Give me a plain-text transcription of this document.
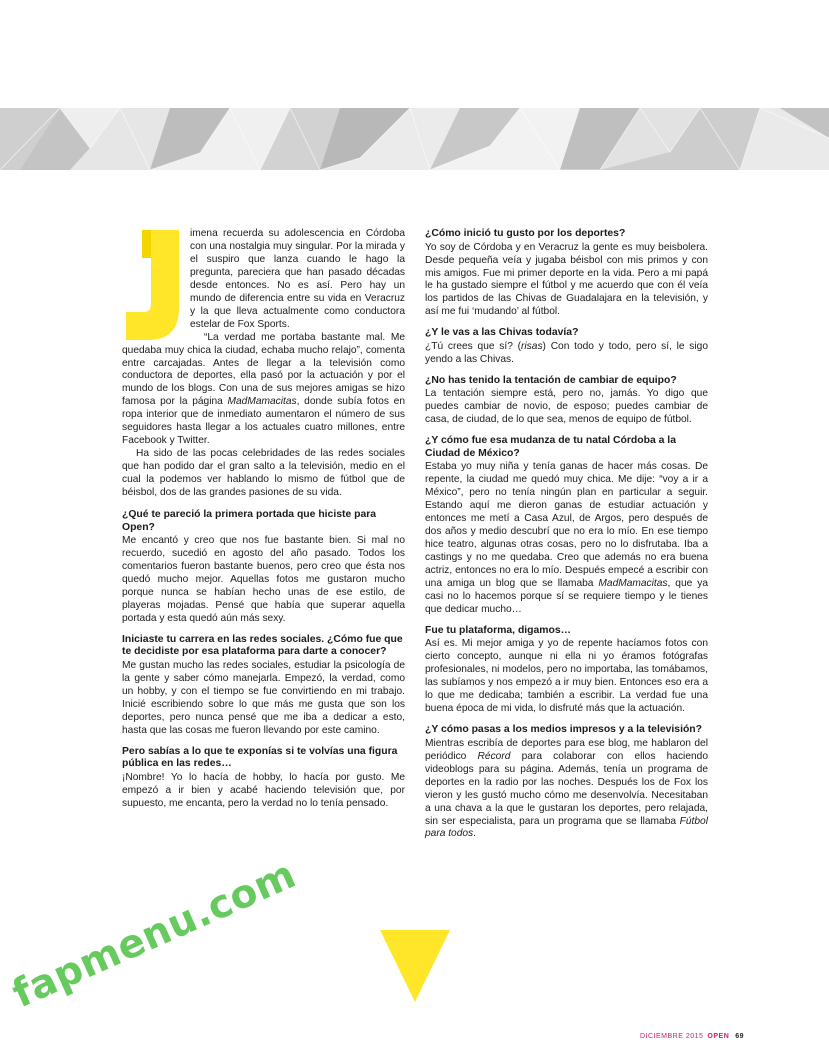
imena recuerda su adolescencia en Córdoba con una nostalgia muy singular. Por la mirada y el suspiro que lanza cuando le hago la pregunta, pareciera que han pasado décadas desde entonces. No es así. Pero hay un mundo de diferencia entre su vida en Veracruz y la que lleva actualmente como conductora estelar de Fox Sports.

“La verdad me portaba bastante mal. Me quedaba muy chica la ciudad, echaba mucho relajo”, comenta entre carcajadas. Antes de llegar a la televisión como conductora de deportes, ella pasó por la actuación y por el mundo de los blogs. Con una de sus mejores amigas se hizo famosa por la página MadMamacitas, donde subía fotos en ropa interior que de inmediato aumentaron el número de sus seguidores hasta llegar a los actuales cuatro millones, entre Facebook y Twitter.

Ha sido de las pocas celebridades de las redes sociales que han podido dar el gran salto a la televisión, medio en el cual la podemos ver hablando lo mismo de fútbol que de béisbol, dos de las grandes pasiones de su vida.

¿Qué te pareció la primera portada que hiciste para Open?

Me encantó y creo que nos fue bastante bien. Si mal no recuerdo, sucedió en agosto del año pasado. Todos los comentarios fueron bastante buenos, pero creo que ésta nos quedó mucho mejor. Aquellas fotos me gustaron mucho porque nunca se habían hecho unas de ese estilo, de playeras mojadas. Pensé que había que superar aquella portada y esta quedó aún más sexy.

Iniciaste tu carrera en las redes sociales. ¿Cómo fue que te decidiste por esa plataforma para darte a conocer?

Me gustan mucho las redes sociales, estudiar la psicología de la gente y saber cómo manejarla. Empezó, la verdad, como un hobby, y con el tiempo se fue convirtiendo en mi trabajo. Inicié escribiendo sobre lo que más me gusta que son los deportes, pero nunca pensé que me iba a dedicar a esto, hasta que las cosas me fueron llevando por este camino.

Pero sabías a lo que te exponías si te volvías una figura pública en las redes…

¡Nombre! Yo lo hacía de hobby, lo hacía por gusto. Me empezó a ir bien y acabé haciendo televisión que, por supuesto, me encanta, pero la verdad no lo tenía pensado.

¿Cómo inició tu gusto por los deportes?

Yo soy de Córdoba y en Veracruz la gente es muy beisbolera. Desde pequeña veía y jugaba béisbol con mis primos y con mis amigos. Fue mi primer deporte en la vida. Pero a mi papá le ha gustado siempre el fútbol y me acuerdo que con él veía los partidos de las Chivas de Guadalajara en la televisión, y así me fui ‘mudando’ al fútbol.

¿Y le vas a las Chivas todavía?

¿Tú crees que sí? (risas) Con todo y todo, pero sí, le sigo yendo a las Chivas.

¿No has tenido la tentación de cambiar de equipo?

La tentación siempre está, pero no, jamás. Yo digo que puedes cambiar de novio, de esposo; puedes cambiar de casa, de ciudad, de lo que sea, menos de equipo de fútbol.

¿Y cómo fue esa mudanza de tu natal Córdoba a la Ciudad de México?

Estaba yo muy niña y tenía ganas de hacer más cosas. De repente, la ciudad me quedó muy chica. Me dije: “voy a ir a México”, pero no tenía ningún plan en particular a seguir. Estando aquí me dieron ganas de estudiar actuación y entonces me metí a Casa Azul, de Argos, pero después de dos años y medio descubrí que no era lo mío. En ese tiempo hice teatro, algunas otras cosas, pero no lo disfrutaba. Iba a castings y no me quedaba. Creo que además no era buena actriz, entonces no era lo mío. Después empecé a escribir con una amiga un blog que se llamaba MadMamacitas, que ya casi no lo hacemos porque sí se requiere tiempo y le tienes que dedicar mucho…

Fue tu plataforma, digamos…

Así es. Mi mejor amiga y yo de repente hacíamos fotos con cierto concepto, aunque ni ella ni yo éramos fotógrafas profesionales, ni modelos, pero no importaba, las tomábamos, las subíamos y nos empezó a ir muy bien. Entonces eso era a lo que me dedicaba; también a escribir. La verdad fue una buena época de mi vida, lo disfruté más que la actuación.

¿Y cómo pasas a los medios impresos y a la televisión?

Mientras escribía de deportes para ese blog, me hablaron del periódico Récord para colaborar con ellos haciendo videoblogs para su página. Además, tenía un programa de deportes en la radio por las noches. Después los de Fox los vieron y les gustó mucho cómo me desenvolvía. Necesitaban a una chava a la que le gustaran los deportes, pero relajada, sin ser especialista, para un programa que se llamaba Fútbol para todos.

fapmenu.com
DICIEMBRE 2015 OPEN 69
